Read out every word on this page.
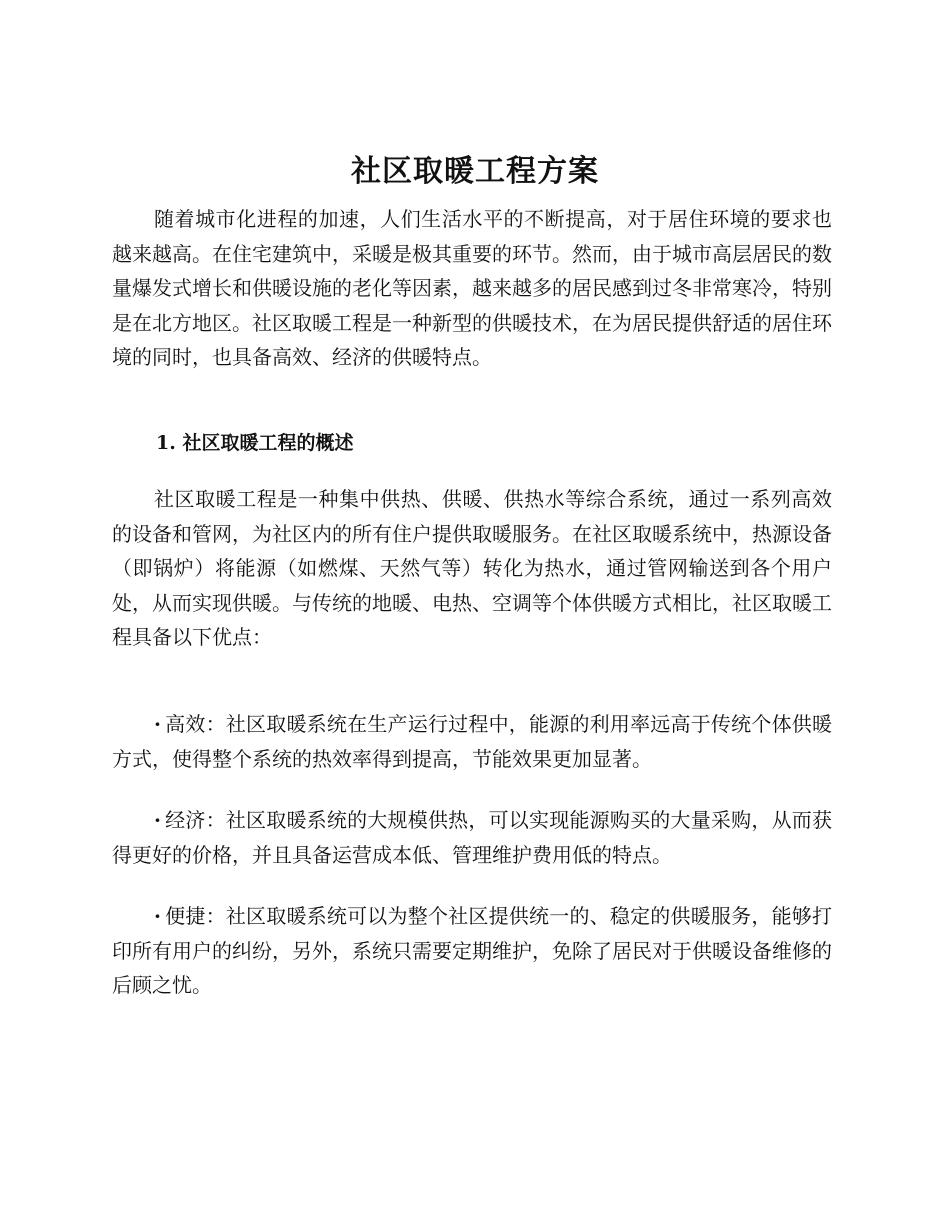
社区取暖工程方案

随着城市化进程的加速，人们生活水平的不断提高，对于居住环境的要求也越来越高。在住宅建筑中，采暖是极其重要的环节。然而，由于城市高层居民的数量爆发式增长和供暖设施的老化等因素，越来越多的居民感到过冬非常寒冷，特别是在北方地区。社区取暖工程是一种新型的供暖技术，在为居民提供舒适的居住环境的同时，也具备高效、经济的供暖特点。

1. 社区取暖工程的概述

社区取暖工程是一种集中供热、供暖、供热水等综合系统，通过一系列高效的设备和管网，为社区内的所有住户提供取暖服务。在社区取暖系统中，热源设备（即锅炉）将能源（如燃煤、天然气等）转化为热水，通过管网输送到各个用户处，从而实现供暖。与传统的地暖、电热、空调等个体供暖方式相比，社区取暖工程具备以下优点：

· 高效：社区取暖系统在生产运行过程中，能源的利用率远高于传统个体供暖方式，使得整个系统的热效率得到提高，节能效果更加显著。

· 经济：社区取暖系统的大规模供热，可以实现能源购买的大量采购，从而获得更好的价格，并且具备运营成本低、管理维护费用低的特点。

· 便捷：社区取暖系统可以为整个社区提供统一的、稳定的供暖服务，能够打印所有用户的纠纷，另外，系统只需要定期维护，免除了居民对于供暖设备维修的后顾之忧。
